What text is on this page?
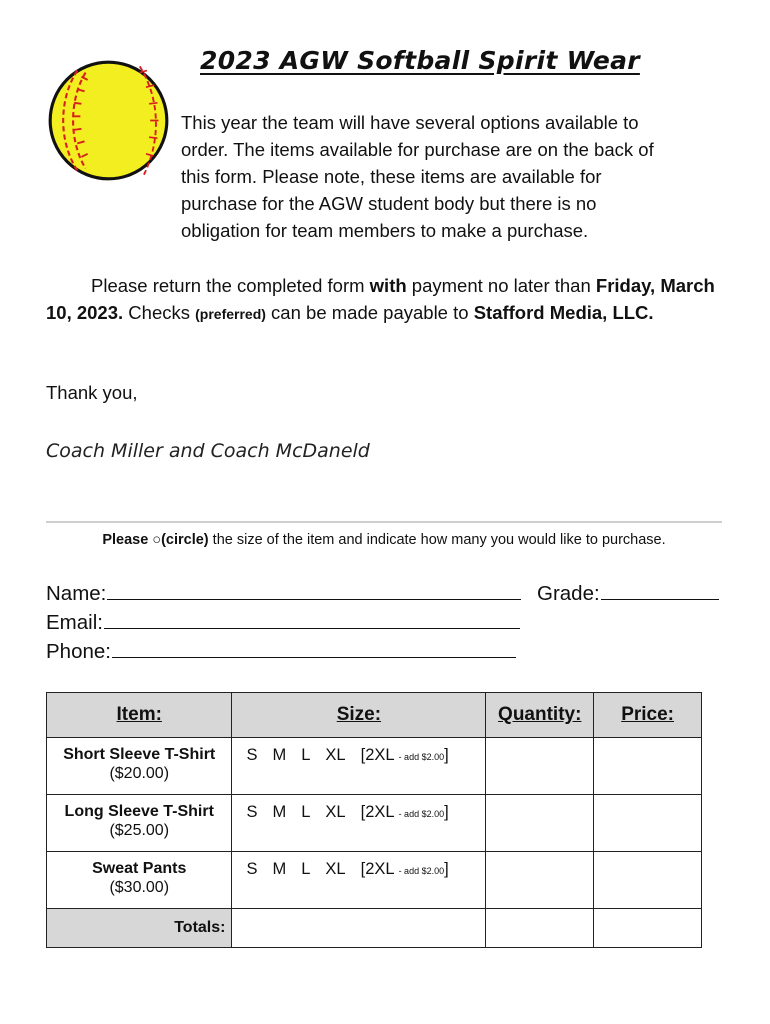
2023 AGW Softball Spirit Wear
This year the team will have several options available to
order. The items available for purchase are on the back of
this form. Please note, these items are available for
purchase for the AGW student body but there is no
obligation for team members to make a purchase.
Please return the completed form with payment no later than Friday, March 10, 2023. Checks (preferred) can be made payable to Stafford Media, LLC.
Thank you,
Coach Miller and Coach McDaneld
Please ○(circle) the size of the item and indicate how many you would like to purchase.
Name:	Grade:
Email:
Phone:
Item:	Size:	Quantity:	Price:

Short Sleeve T-Shirt
($20.00)	S M L XL [2XL - add $2.00]		

Long Sleeve T-Shirt
($25.00)	S M L XL [2XL - add $2.00]		

Sweat Pants
($30.00)	S M L XL [2XL - add $2.00]		
Totals:			
